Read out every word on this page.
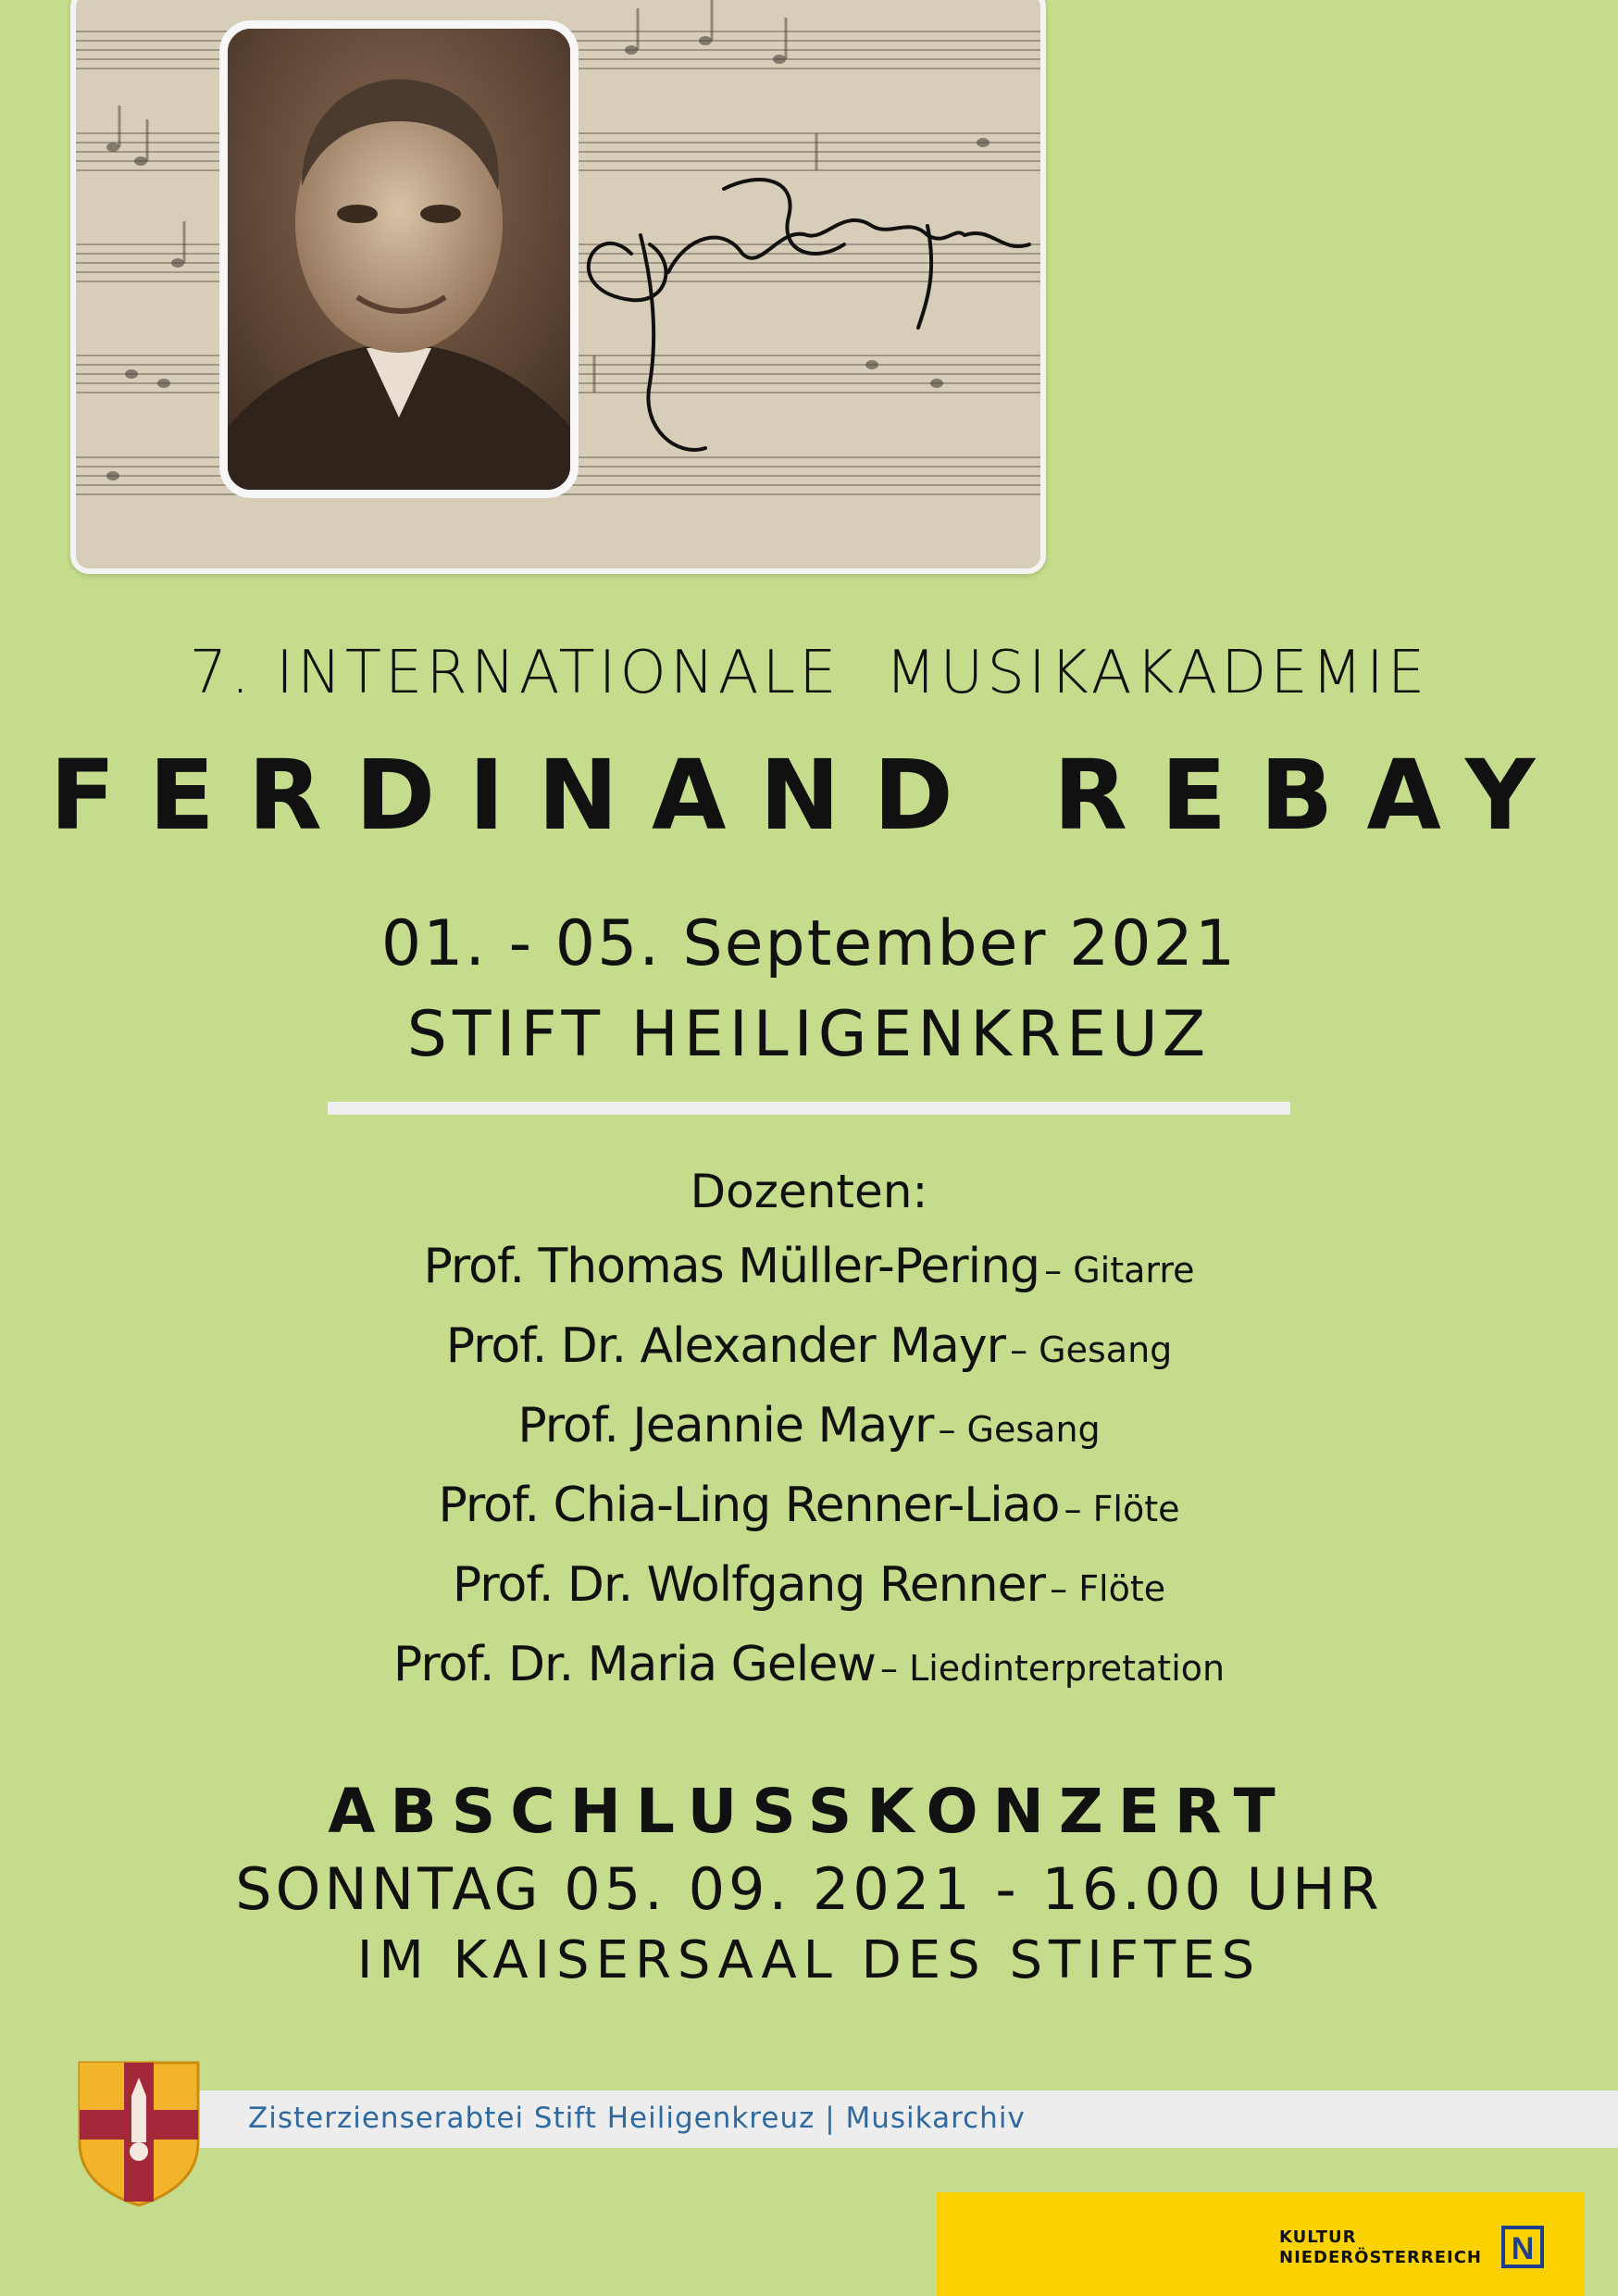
7. INTERNATIONALE  MUSIKAKADEMIE
FERDINAND REBAY
01. - 05. September 2021
STIFT HEILIGENKREUZ
Dozenten:
Prof. Thomas Müller-Pering – Gitarre
Prof. Dr. Alexander Mayr – Gesang
Prof. Jeannie Mayr – Gesang
Prof. Chia-Ling Renner-Liao – Flöte
Prof. Dr. Wolfgang Renner – Flöte
Prof. Dr. Maria Gelew – Liedinterpretation
ABSCHLUSSKONZERT
SONNTAG 05. 09. 2021 - 16.00 UHR
IM KAISERSAAL DES STIFTES
Zisterzienserabtei Stift Heiligenkreuz | Musikarchiv
KULTUR
NIEDERÖSTERREICH N
